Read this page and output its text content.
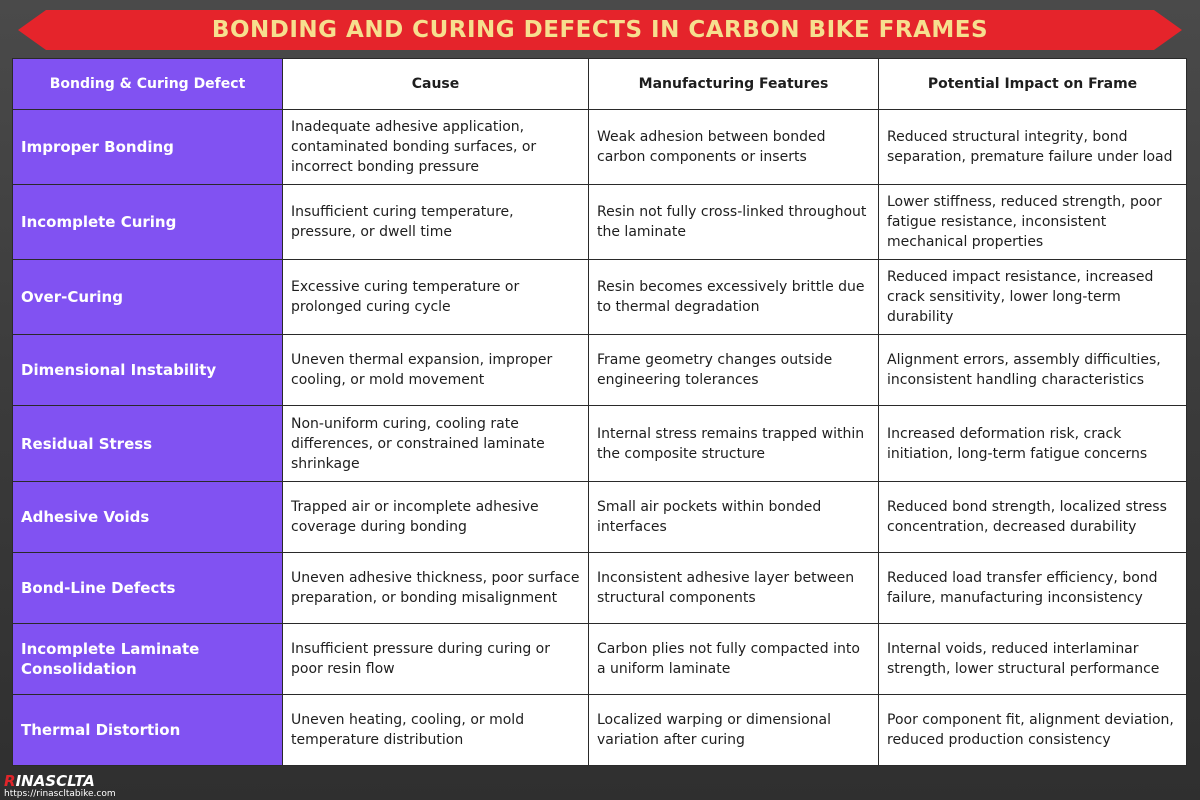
BONDING AND CURING DEFECTS IN CARBON BIKE FRAMES
Bonding & Curing Defect	Cause	Manufacturing Features	Potential Impact on Frame
Improper Bonding	Inadequate adhesive application, contaminated bonding surfaces, or incorrect bonding pressure	Weak adhesion between bonded carbon components or inserts	Reduced structural integrity, bond separation, premature failure under load
Incomplete Curing	Insufficient curing temperature, pressure, or dwell time	Resin not fully cross-linked throughout the laminate	Lower stiffness, reduced strength, poor fatigue resistance, inconsistent mechanical properties
Over-Curing	Excessive curing temperature or prolonged curing cycle	Resin becomes excessively brittle due to thermal degradation	Reduced impact resistance, increased crack sensitivity, lower long-term durability
Dimensional Instability	Uneven thermal expansion, improper cooling, or mold movement	Frame geometry changes outside engineering tolerances	Alignment errors, assembly difficulties, inconsistent handling characteristics
Residual Stress	Non-uniform curing, cooling rate differences, or constrained laminate shrinkage	Internal stress remains trapped within the composite structure	Increased deformation risk, crack initiation, long-term fatigue concerns
Adhesive Voids	Trapped air or incomplete adhesive coverage during bonding	Small air pockets within bonded interfaces	Reduced bond strength, localized stress concentration, decreased durability
Bond-Line Defects	Uneven adhesive thickness, poor surface preparation, or bonding misalignment	Inconsistent adhesive layer between structural components	Reduced load transfer efficiency, bond failure, manufacturing inconsistency
Incomplete Laminate Consolidation	Insufficient pressure during curing or poor resin flow	Carbon plies not fully compacted into a uniform laminate	Internal voids, reduced interlaminar strength, lower structural performance
Thermal Distortion	Uneven heating, cooling, or mold temperature distribution	Localized warping or dimensional variation after curing	Poor component fit, alignment deviation, reduced production consistency
RINASCLTA
https://rinascltabike.com
